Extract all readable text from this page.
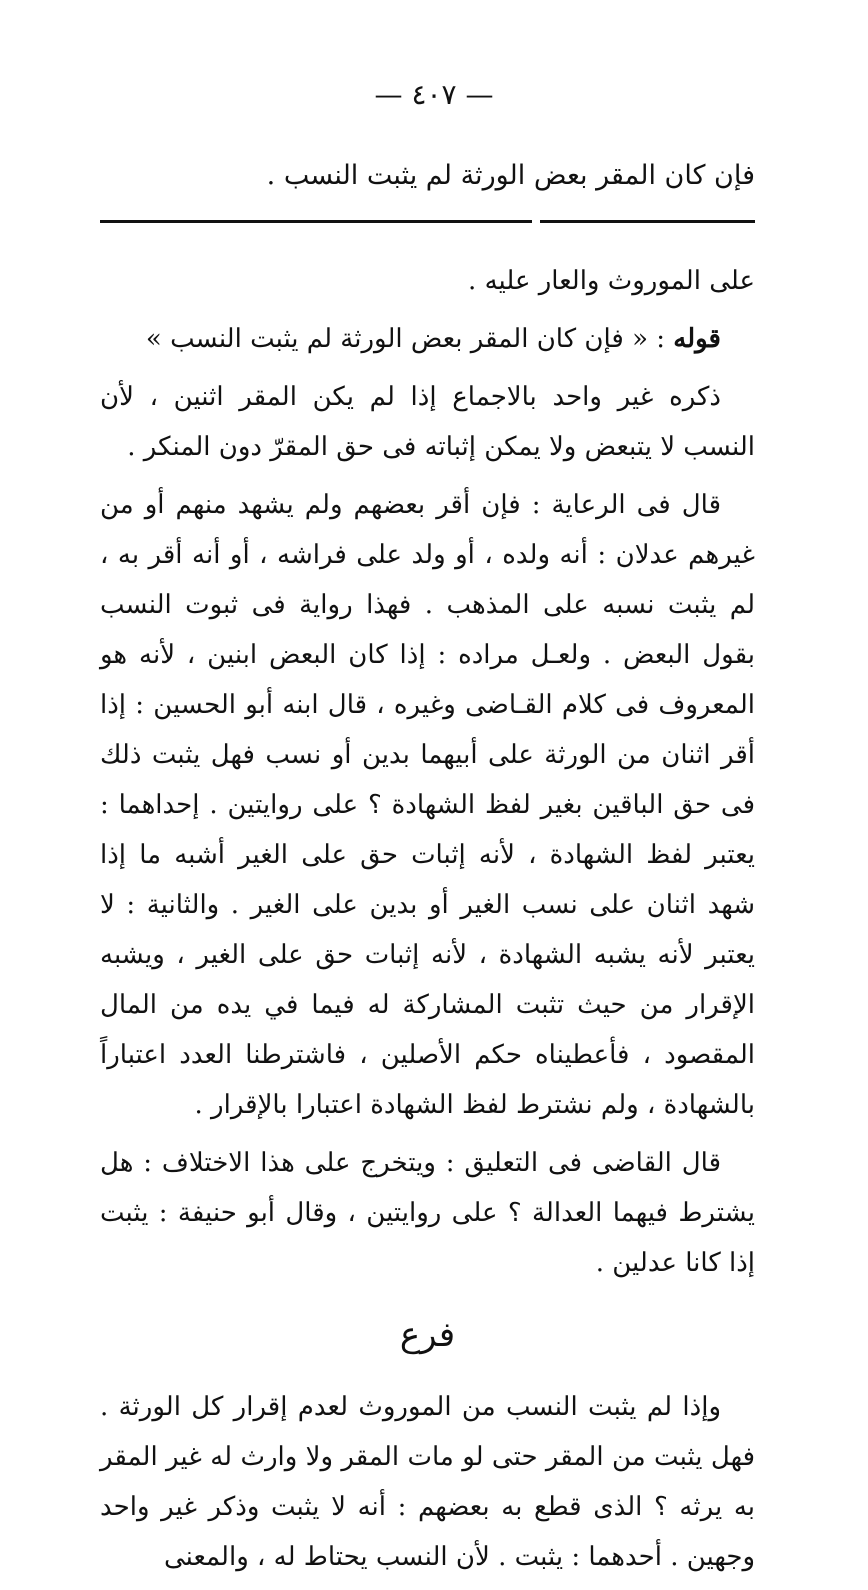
— ٤٠٧ —
فإن كان المقر بعض الورثة لم يثبت النسب .

على الموروث والعار عليه .

قوله : « فإن كان المقر بعض الورثة لم يثبت النسب »

ذكره غير واحد بالاجماع إذا لم يكن المقر اثنين ، لأن النسب لا يتبعض ولا يمكن إثباته فى حق المقرّ دون المنكر .

قال فى الرعاية : فإن أقر بعضهم ولم يشهد منهم أو من غيرهم عدلان : أنه ولده ، أو ولد على فراشه ، أو أنه أقر به ، لم يثبت نسبه على المذهب . فهذا رواية فى ثبوت النسب بقول البعض . ولعـل مراده : إذا كان البعض ابنين ، لأنه هو المعروف فى كلام القـاضى وغيره ، قال ابنه أبو الحسين : إذا أقر اثنان من الورثة على أبيهما بدين أو نسب فهل يثبت ذلك فى حق الباقين بغير لفظ الشهادة ؟ على روايتين . إحداهما : يعتبر لفظ الشهادة ، لأنه إثبات حق على الغير أشبه ما إذا شهد اثنان على نسب الغير أو بدين على الغير . والثانية : لا يعتبر لأنه يشبه الشهادة ، لأنه إثبات حق على الغير ، ويشبه الإقرار من حيث تثبت المشاركة له فيما في يده من المال المقصود ، فأعطيناه حكم الأصلين ، فاشترطنا العدد اعتباراً بالشهادة ، ولم نشترط لفظ الشهادة اعتبارا بالإقرار .

قال القاضى فى التعليق : ويتخرج على هذا الاختلاف : هل يشترط فيهما العدالة ؟ على روايتين ، وقال أبو حنيفة : يثبت إذا كانا عدلين .

فرع

وإذا لم يثبت النسب من الموروث لعدم إقرار كل الورثة . فهل يثبت من المقر حتى لو مات المقر ولا وارث له غير المقر به يرثه ؟ الذى قطع به بعضهم : أنه لا يثبت وذكر غير واحد وجهين . أحدهما : يثبت . لأن النسب يحتاط له ، والمعنى
